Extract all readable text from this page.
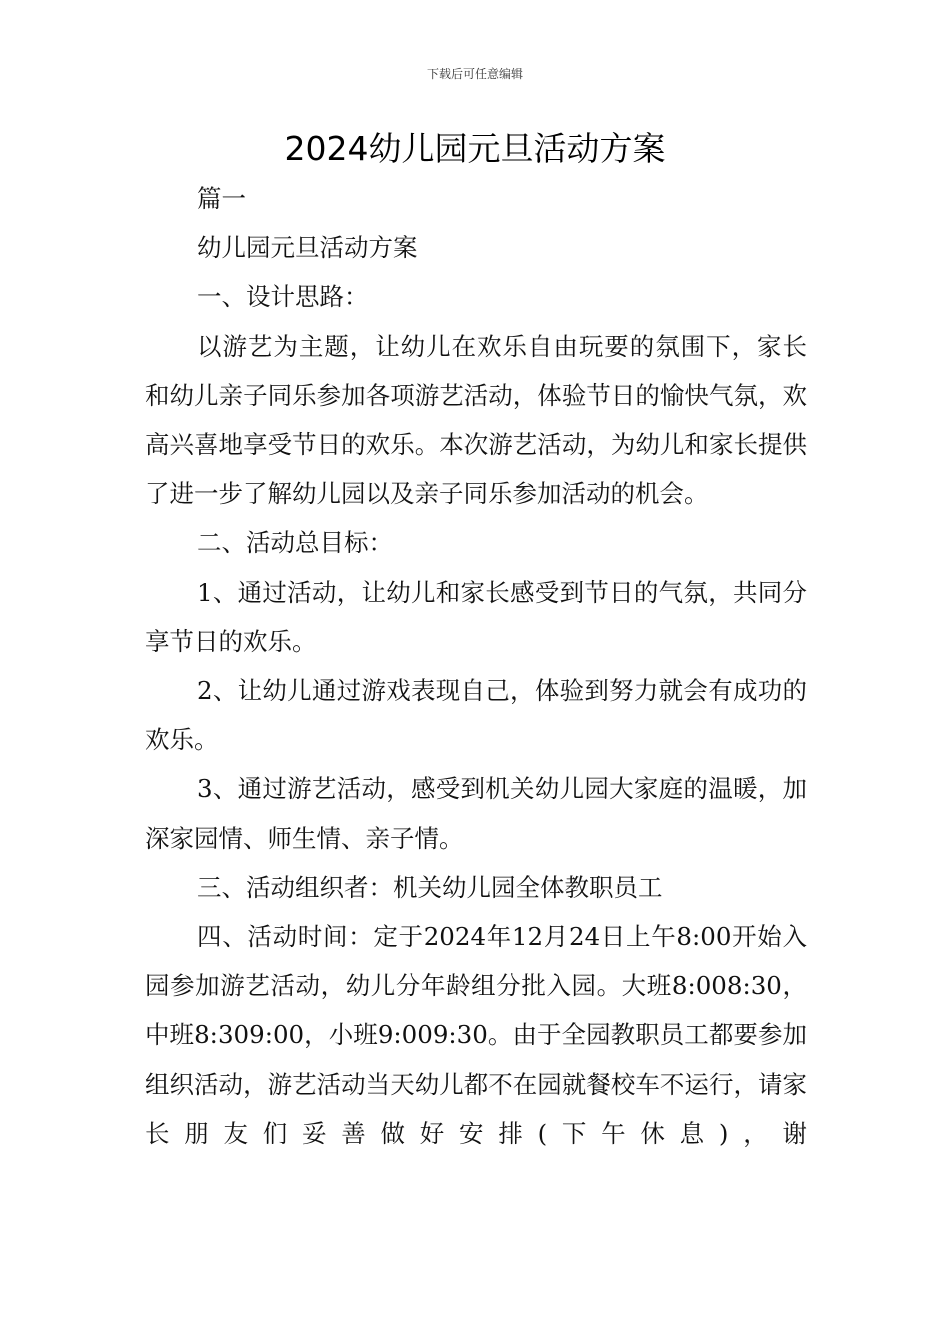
下载后可任意编辑
2024幼儿园元旦活动方案

篇一

幼儿园元旦活动方案

一、设计思路：

以游艺为主题，让幼儿在欢乐自由玩要的氛围下，家长和幼儿亲子同乐参加各项游艺活动，体验节日的愉快气氛，欢高兴喜地享受节日的欢乐。本次游艺活动，为幼儿和家长提供了进一步了解幼儿园以及亲子同乐参加活动的机会。

二、活动总目标：

1、通过活动，让幼儿和家长感受到节日的气氛，共同分享节日的欢乐。

2、让幼儿通过游戏表现自己，体验到努力就会有成功的欢乐。

3、通过游艺活动，感受到机关幼儿园大家庭的温暖，加深家园情、师生情、亲子情。

三、活动组织者：机关幼儿园全体教职员工

四、活动时间：定于2024年12月24日上午8:00开始入园参加游艺活动，幼儿分年龄组分批入园。大班8:008:30，中班8:309:00，小班9:009:30。由于全园教职员工都要参加组织活动，游艺活动当天幼儿都不在园就餐校车不运行，请家长朋友们妥善做好安排(下午休息)，谢
